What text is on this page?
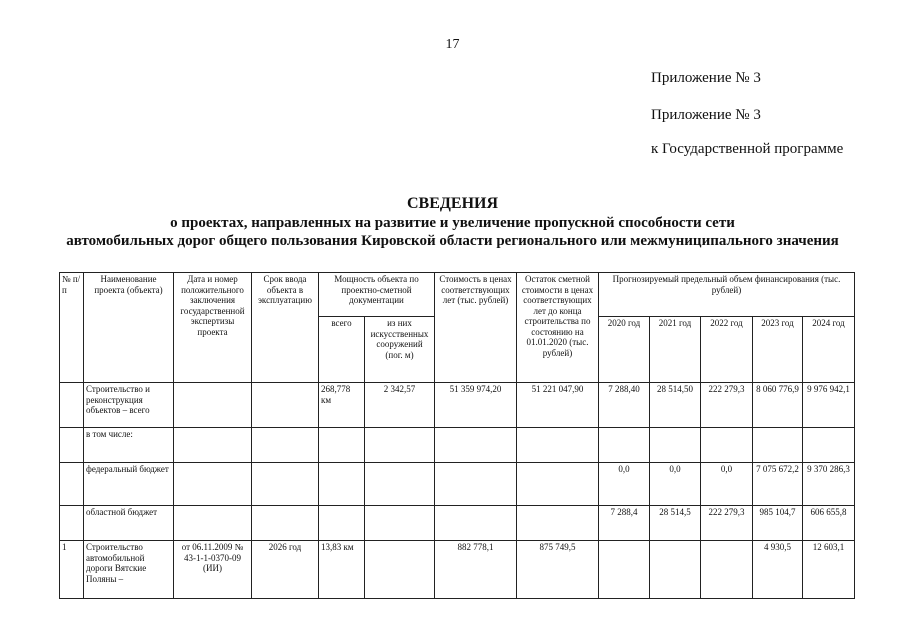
17
Приложение № 3
Приложение № 3
к Государственной программе
СВЕДЕНИЯ
о проектах, направленных на развитие и увеличение пропускной способности сети
автомобильных дорог общего пользования Кировской области регионального или межмуниципального значения
№ п/п	Наименование проекта (объекта)	Дата и номер положительного заключения государственной экспертизы проекта	Срок ввода объекта в эксплуатацию	Мощность объекта по проектно-сметной документации		Стоимость в ценах соответствующих лет (тыс. рублей)	Остаток сметной стоимости в ценах соответствующих лет до конца строительства по состоянию на 01.01.2020 (тыс. рублей)	Прогнозируемый предельный объем финансирования (тыс. рублей)				
				всего	из них искусственных сооружений (пог. м)			2020 год	2021 год	2022 год	2023 год	2024 год
	Строительство и реконструкция объектов – всего			268,778 км	2 342,57	51 359 974,20	51 221 047,90	7 288,40	28 514,50	222 279,3	8 060 776,9	9 976 942,1
	в том числе:											
	федеральный бюджет							0,0	0,0	0,0	7 075 672,2	9 370 286,3
	областной бюджет							7 288,4	28 514,5	222 279,3	985 104,7	606 655,8
1	Строительство автомобильной дороги Вятские Поляны –	от 06.11.2009 № 43-1-1-0370-09 (ИИ)	2026 год	13,83 км		882 778,1	875 749,5				4 930,5	12 603,1
